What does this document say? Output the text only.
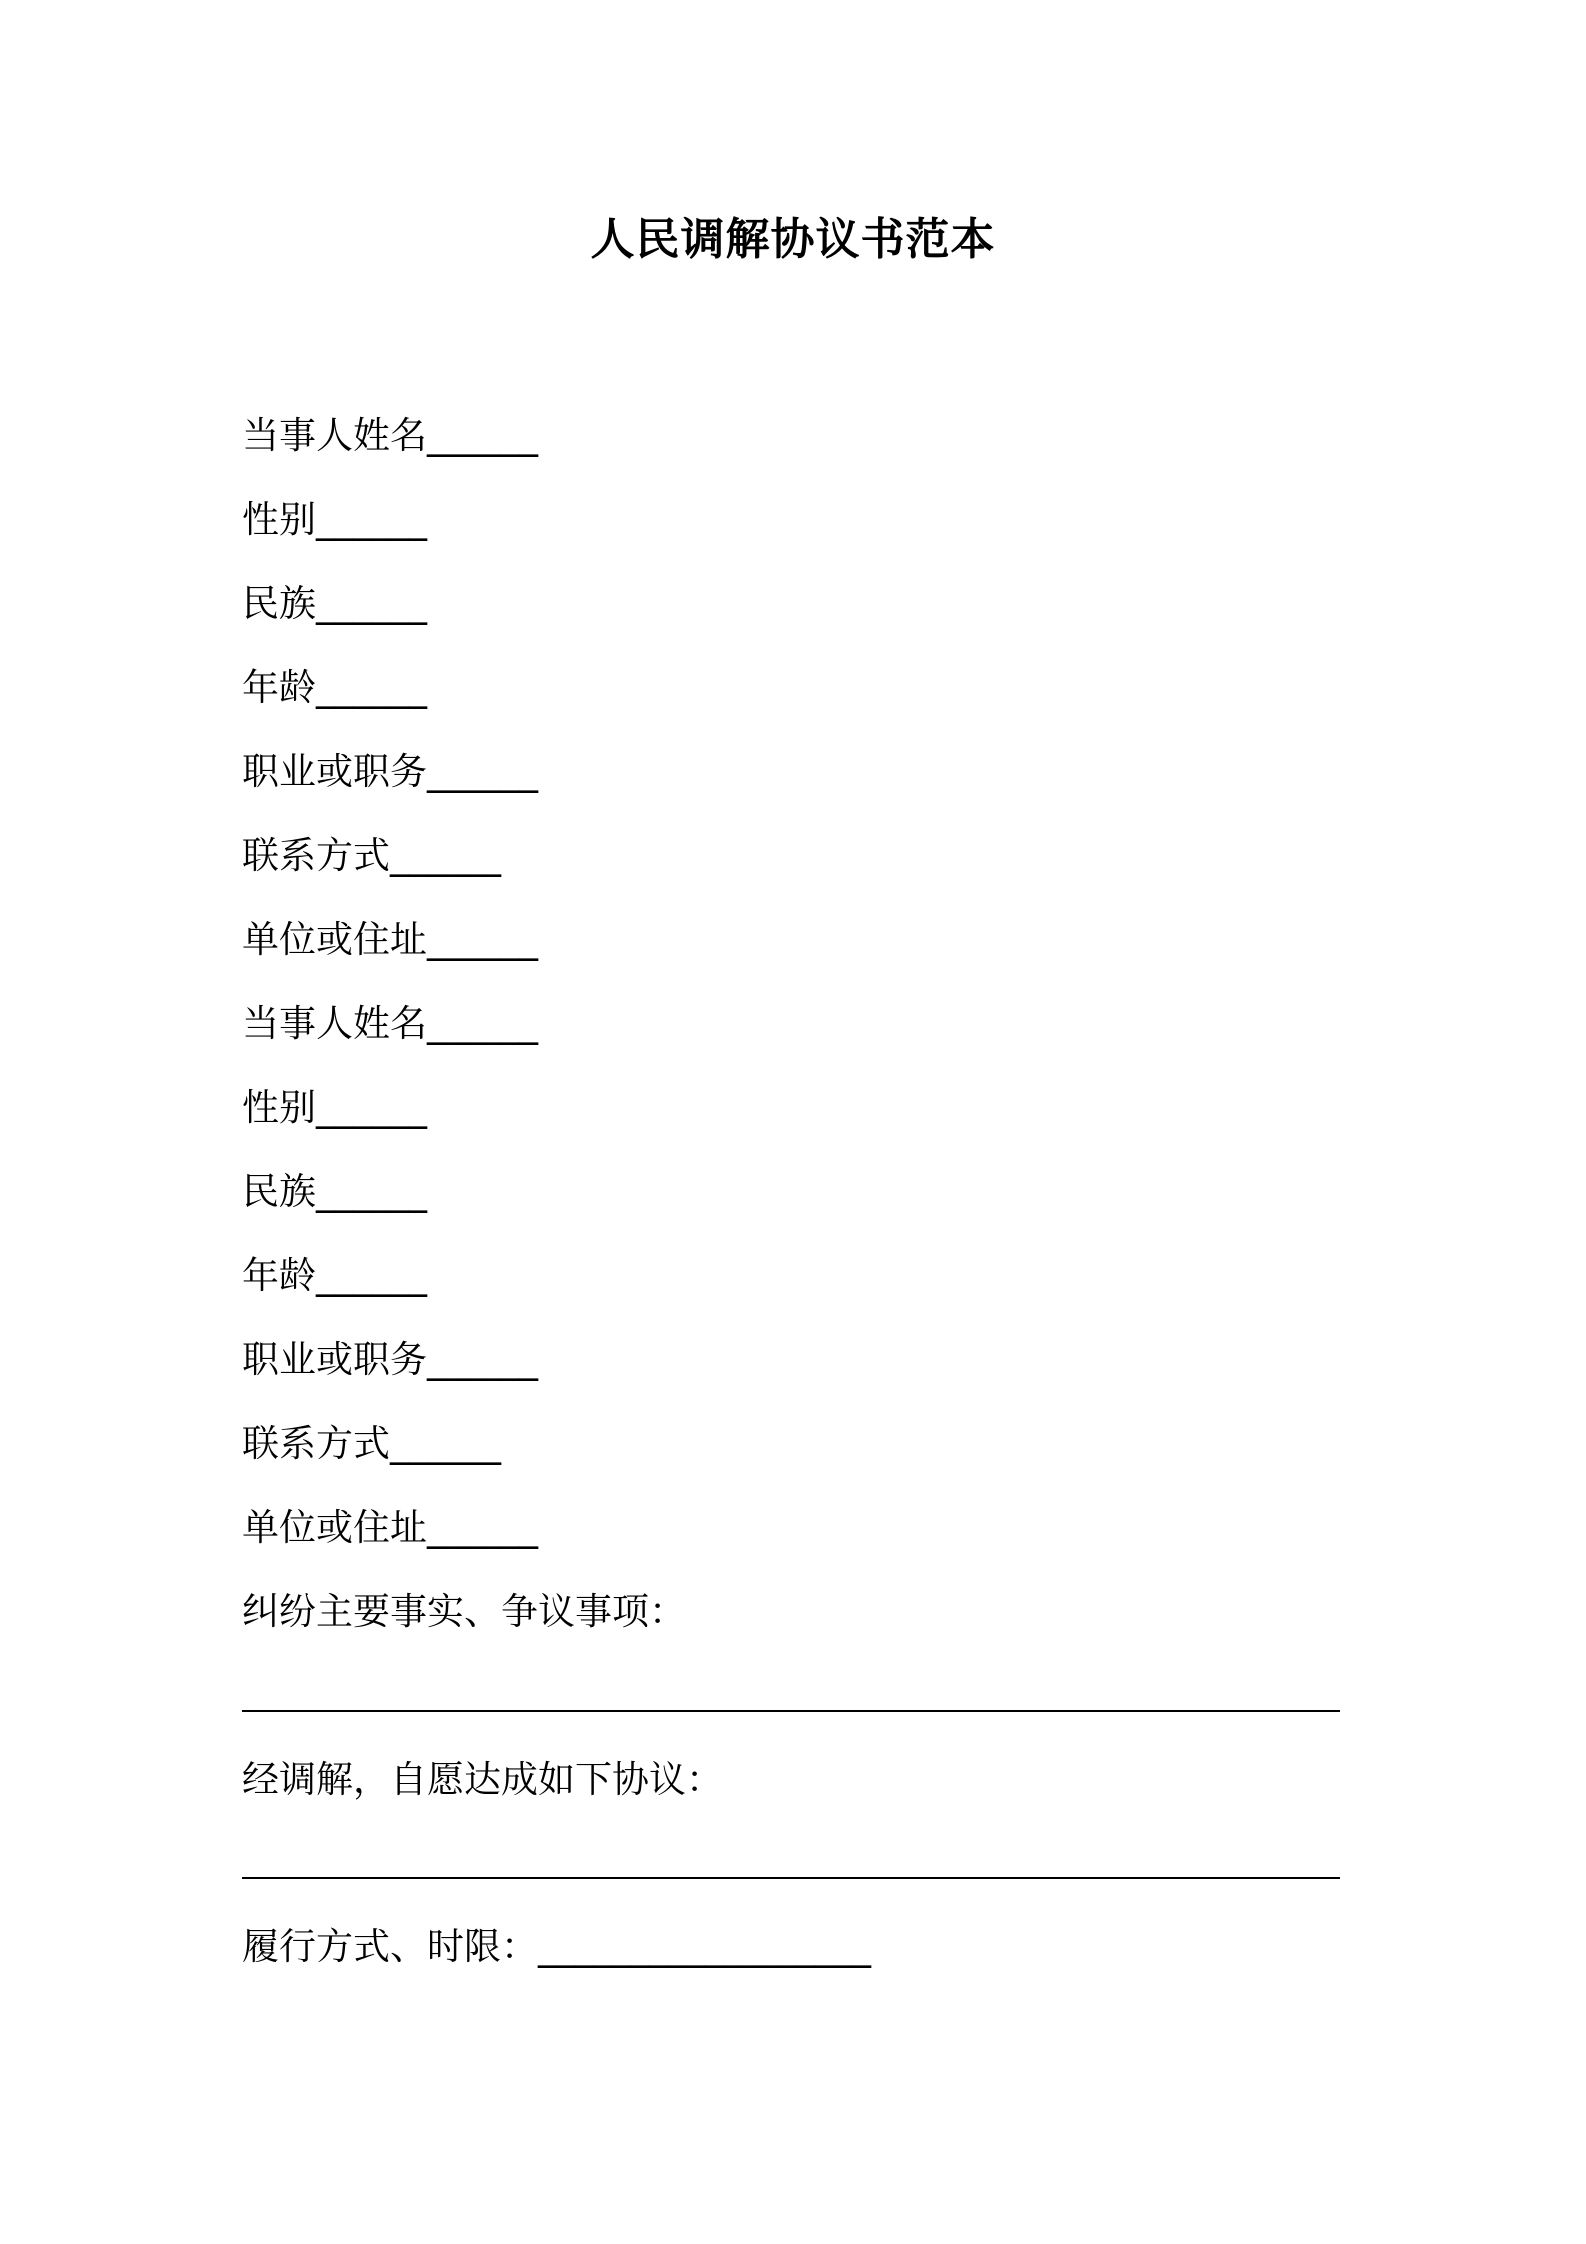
人民调解协议书范本

当事人姓名______

性别______

民族______

年龄______

职业或职务______

联系方式______

单位或住址______

当事人姓名______

性别______

民族______

年龄______

职业或职务______

联系方式______

单位或住址______

纠纷主要事实、争议事项：

经调解，自愿达成如下协议：

履行方式、时限：__________________
